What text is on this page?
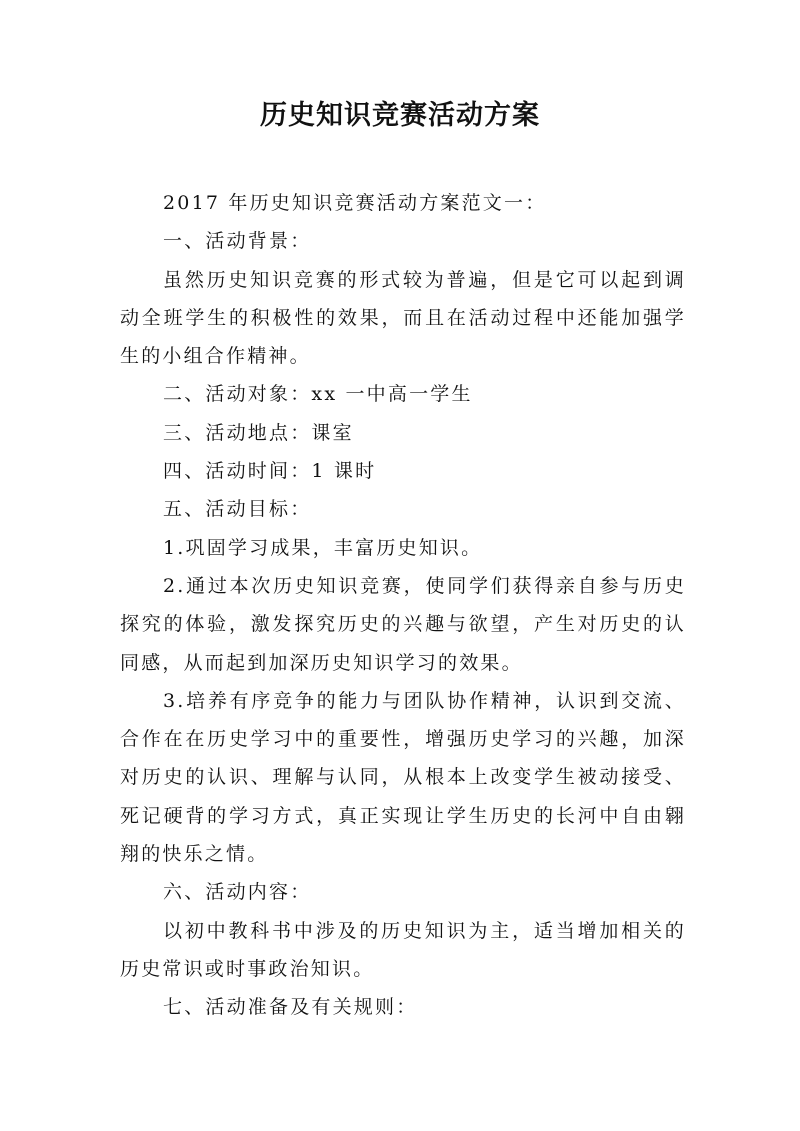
历史知识竞赛活动方案

2017 年历史知识竞赛活动方案范文一：

一、活动背景：

虽然历史知识竞赛的形式较为普遍，但是它可以起到调动全班学生的积极性的效果，而且在活动过程中还能加强学生的小组合作精神。

二、活动对象：xx 一中高一学生

三、活动地点：课室

四、活动时间：1 课时

五、活动目标：

1.巩固学习成果，丰富历史知识。

2.通过本次历史知识竞赛，使同学们获得亲自参与历史探究的体验，激发探究历史的兴趣与欲望，产生对历史的认同感，从而起到加深历史知识学习的效果。

3.培养有序竞争的能力与团队协作精神，认识到交流、合作在在历史学习中的重要性，增强历史学习的兴趣，加深对历史的认识、理解与认同，从根本上改变学生被动接受、死记硬背的学习方式，真正实现让学生历史的长河中自由翱翔的快乐之情。

六、活动内容：

以初中教科书中涉及的历史知识为主，适当增加相关的历史常识或时事政治知识。

七、活动准备及有关规则：
